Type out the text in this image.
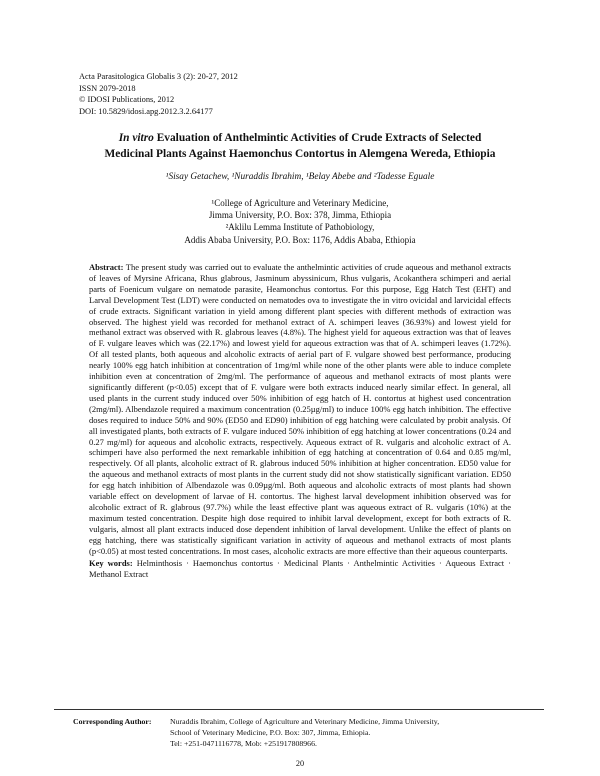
Acta Parasitologica Globalis 3 (2): 20-27, 2012
ISSN 2079-2018
© IDOSI Publications, 2012
DOI: 10.5829/idosi.apg.2012.3.2.64177
In vitro Evaluation of Anthelmintic Activities of Crude Extracts of Selected
Medicinal Plants Against Haemonchus Contortus in Alemgena Wereda, Ethiopia
¹Sisay Getachew, ¹Nuraddis Ibrahim, ¹Belay Abebe and ²Tadesse Eguale
¹College of Agriculture and Veterinary Medicine,
Jimma University, P.O. Box: 378, Jimma, Ethiopia
²Aklilu Lemma Institute of Pathobiology,
Addis Ababa University, P.O. Box: 1176, Addis Ababa, Ethiopia
Abstract: The present study was carried out to evaluate the anthelmintic activities of crude aqueous and methanol extracts of leaves of Myrsine Africana, Rhus glabrous, Jasminum abyssinicum, Rhus vulgaris, Acokanthera schimperi and aerial parts of Foenicum vulgare on nematode parasite, Heamonchus contortus. For this purpose, Egg Hatch Test (EHT) and Larval Development Test (LDT) were conducted on nematodes ova to investigate the in vitro ovicidal and larvicidal effects of crude extracts. Significant variation in yield among different plant species with different methods of extraction was observed. The highest yield was recorded for methanol extract of A. schimperi leaves (36.93%) and lowest yield for methanol extract was observed with R. glabrous leaves (4.8%). The highest yield for aqueous extraction was that of leaves of F. vulgare leaves which was (22.17%) and lowest yield for aqueous extraction was that of A. schimperi leaves (1.72%). Of all tested plants, both aqueous and alcoholic extracts of aerial part of F. vulgare showed best performance, producing nearly 100% egg hatch inhibition at concentration of 1mg/ml while none of the other plants were able to induce complete inhibition even at concentration of 2mg/ml. The performance of aqueous and methanol extracts of most plants were significantly different (p<0.05) except that of F. vulgare were both extracts induced nearly similar effect. In general, all used plants in the current study induced over 50% inhibition of egg hatch of H. contortus at highest used concentration (2mg/ml). Albendazole required a maximum concentration (0.25µg/ml) to induce 100% egg hatch inhibition. The effective doses required to induce 50% and 90% (ED50 and ED90) inhibition of egg hatching were calculated by probit analysis. Of all investigated plants, both extracts of F. vulgare induced 50% inhibition of egg hatching at lower concentrations (0.24 and 0.27 mg/ml) for aqueous and alcoholic extracts, respectively. Aqueous extract of R. vulgaris and alcoholic extract of A. schimperi have also performed the next remarkable inhibition of egg hatching at concentration of 0.64 and 0.85 mg/ml, respectively. Of all plants, alcoholic extract of R. glabrous induced 50% inhibition at higher concentration. ED50 value for the aqueous and methanol extracts of most plants in the current study did not show statistically significant variation. ED50 for egg hatch inhibition of Albendazole was 0.09µg/ml. Both aqueous and alcoholic extracts of most plants had shown variable effect on development of larvae of H. contortus. The highest larval development inhibition observed was for alcoholic extract of R. glabrous (97.7%) while the least effective plant was aqueous extract of R. vulgaris (10%) at the maximum tested concentration. Despite high dose required to inhibit larval development, except for both extracts of R. vulgaris, almost all plant extracts induced dose dependent inhibition of larval development. Unlike the effect of plants on egg hatching, there was statistically significant variation in activity of aqueous and methanol extracts of most plants (p<0.05) at most tested concentrations. In most cases, alcoholic extracts are more effective than their aqueous counterparts.
Key words: Helminthosis · Haemonchus contortus · Medicinal Plants · Anthelmintic Activities · Aqueous Extract · Methanol Extract
Corresponding Author:	Nuraddis Ibrahim, College of Agriculture and Veterinary Medicine, Jimma University,
School of Veterinary Medicine, P.O. Box: 307, Jimma, Ethiopia.
Tel: +251-0471116778, Mob: +251917808966.
20
